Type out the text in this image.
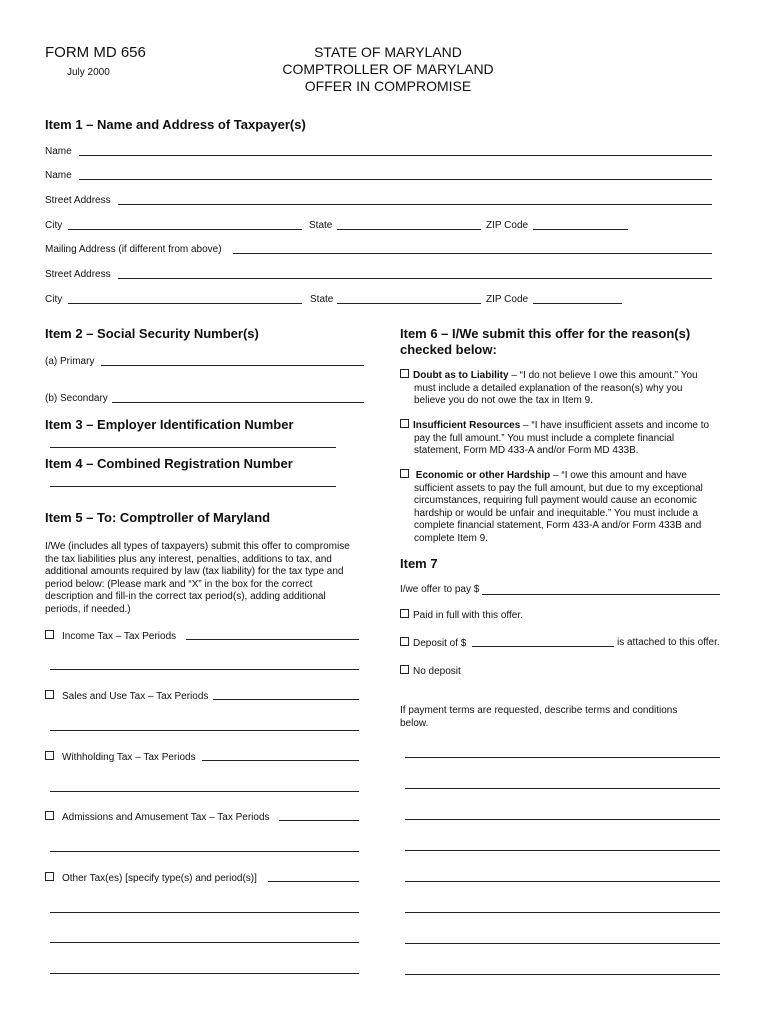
FORM MD 656
July 2000
STATE OF MARYLAND
COMPTROLLER OF MARYLAND
OFFER IN COMPROMISE
Item 1 – Name and Address of Taxpayer(s)
Name
Name
Street Address
City	State	ZIP Code
Mailing Address (if different from above)
Street Address
City	State	ZIP Code
Item 2 – Social Security Number(s)
(a) Primary
(b) Secondary
Item 3 – Employer Identification Number
Item 4 – Combined Registration Number
Item 5 – To: Comptroller of Maryland
I/We (includes all types of taxpayers) submit this offer to compromise
the tax liabilities plus any interest, penalties, additions to tax, and
additional amounts required by law (tax liability) for the tax type and
period below: (Please mark and “X” in the box for the correct
description and fill-in the correct tax period(s), adding additional
periods, if needed.)
Income Tax – Tax Periods
Sales and Use Tax – Tax Periods
Withholding Tax – Tax Periods
Admissions and Amusement Tax – Tax Periods
Other Tax(es) [specify type(s) and period(s)]
Item 6 – I/We submit this offer for the reason(s)
checked below:
Doubt as to Liability – “I do not believe I owe this amount.” You
must include a detailed explanation of the reason(s) why you
believe you do not owe the tax in Item 9.
Insufficient Resources – “I have insufficient assets and income to
pay the full amount.” You must include a complete financial
statement, Form MD 433-A and/or Form MD 433B.
Economic or other Hardship – “I owe this amount and have
sufficient assets to pay the full amount, but due to my exceptional
circumstances, requiring full payment would cause an economic
hardship or would be unfair and inequitable.” You must include a
complete financial statement, Form 433-A and/or Form 433B and
complete Item 9.
Item 7
I/we offer to pay $
Paid in full with this offer.
Deposit of $	is attached to this offer.
No deposit
If payment terms are requested, describe terms and conditions
below.
